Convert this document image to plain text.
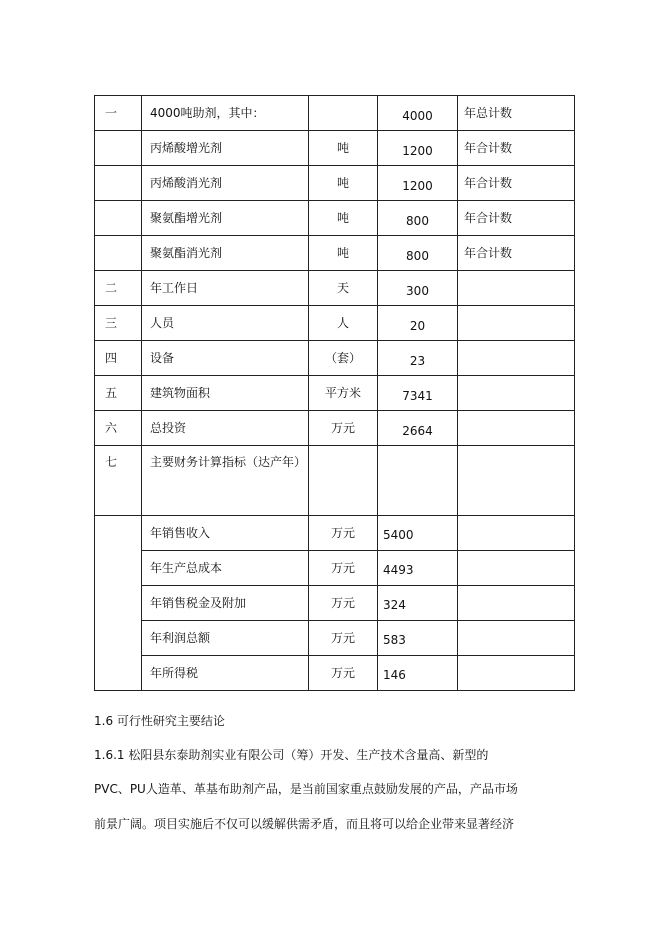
一	4000吨助剂，其中：		4000	年总计数
	丙烯酸增光剂	吨	1200	年合计数
	丙烯酸消光剂	吨	1200	年合计数
	聚氨酯增光剂	吨	800	年合计数
	聚氨酯消光剂	吨	800	年合计数
二	年工作日	天	300	
三	人员	人	20	
四	设备	（套）	23	
五	建筑物面积	平方米	7341	
六	总投资	万元	2664	
七	主要财务计算指标（达产年）			
	年销售收入	万元	5400	
	年生产总成本	万元	4493	
	年销售税金及附加	万元	324	
	年利润总额	万元	583	
	年所得税	万元	146	
1.6 可行性研究主要结论
1.6.1 松阳县东泰助剂实业有限公司（筹）开发、生产技术含量高、新型的
PVC、PU人造革、革基布助剂产品，是当前国家重点鼓励发展的产品，产品市场
前景广阔。项目实施后不仅可以缓解供需矛盾，而且将可以给企业带来显著经济
